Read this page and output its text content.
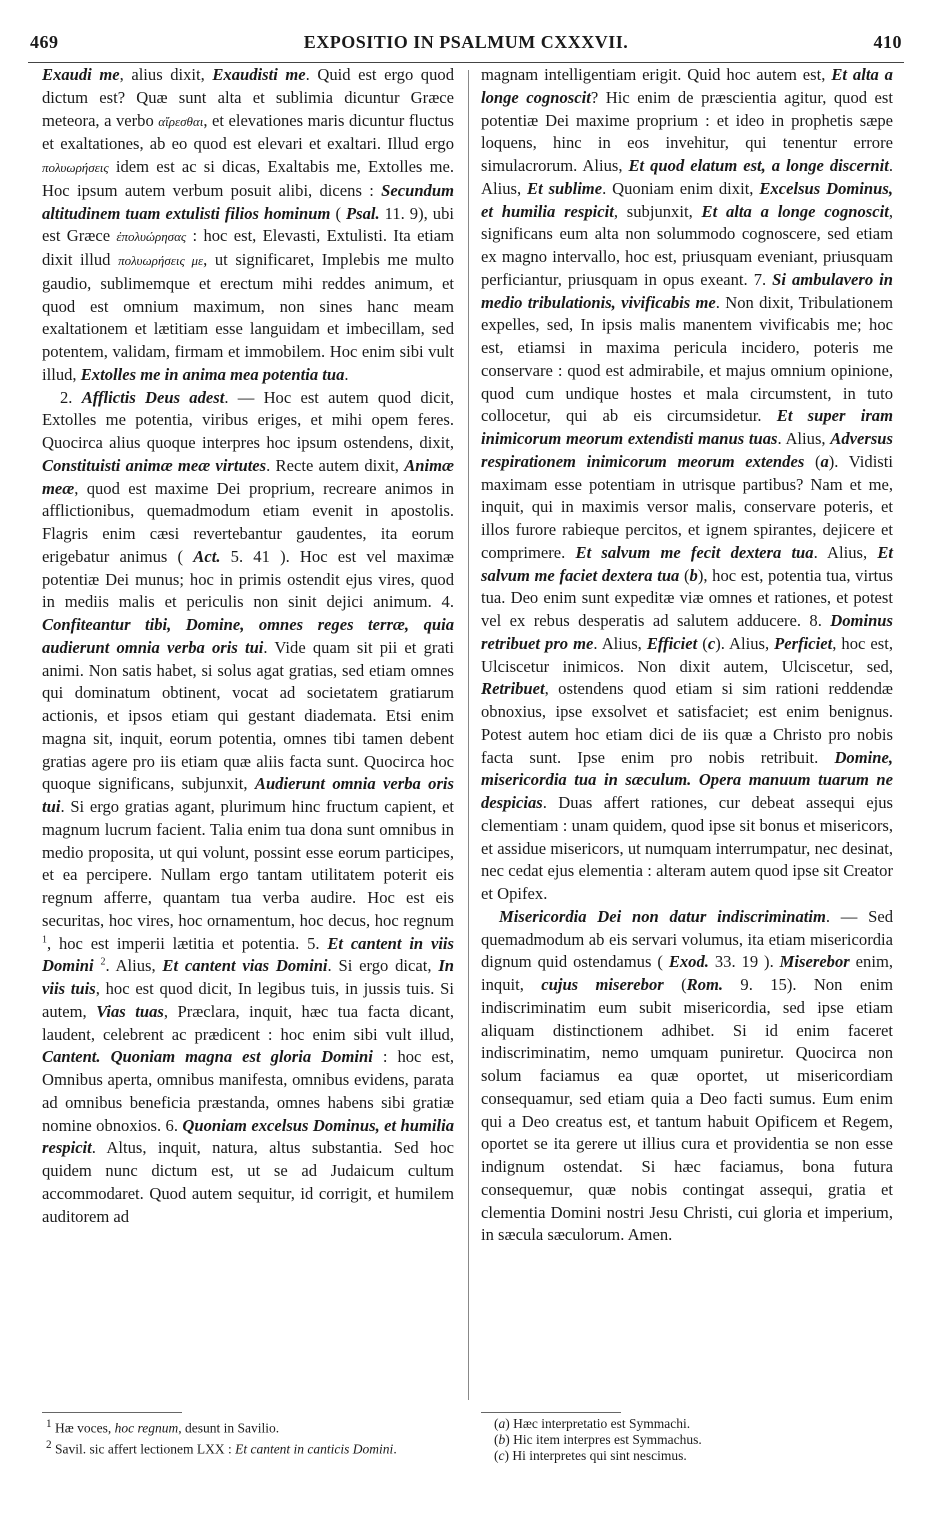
469	EXPOSITIO IN PSALMUM CXXXVII.	410

Exaudi me, alius dixit, Exaudisti me. Quid est ergo quod dictum est? Quæ sunt alta et sublimia dicuntur Græce meteora, a verbo αἴρεσθαι, et elevationes maris dicuntur fluctus et exaltationes, ab eo quod est elevari et exaltari. Illud ergo πολυωρήσεις idem est ac si dicas, Exaltabis me, Extolles me. Hoc ipsum autem verbum posuit alibi, dicens : Secundum altitudinem tuam extulisti filios hominum ( Psal. 11. 9), ubi est Græce ἐπολυώρησας : hoc est, Elevasti, Extulisti. Ita etiam dixit illud πολυωρήσεις με, ut significaret, Implebis me multo gaudio, sublimemque et erectum mihi reddes animum, et quod est omnium maximum, non sines hanc meam exaltationem et lætitiam esse languidam et imbecillam, sed potentem, validam, firmam et immobilem. Hoc enim sibi vult illud, Extolles me in anima mea potentia tua.

2. Afflictis Deus adest. — Hoc est autem quod dicit, Extolles me potentia, viribus eriges, et mihi opem feres. Quocirca alius quoque interpres hoc ipsum ostendens, dixit, Constituisti animæ meæ virtutes. Recte autem dixit, Animæ meæ, quod est maxime Dei proprium, recreare animos in afflictionibus, quemadmodum etiam evenit in apostolis. Flagris enim cæsi revertebantur gaudentes, ita eorum erigebatur animus ( Act. 5. 41 ). Hoc est vel maximæ potentiæ Dei munus; hoc in primis ostendit ejus vires, quod in mediis malis et periculis non sinit dejici animum. 4. Confiteantur tibi, Domine, omnes reges terræ, quia audierunt omnia verba oris tui. Vide quam sit pii et grati animi. Non satis habet, si solus agat gratias, sed etiam omnes qui dominatum obtinent, vocat ad societatem gratiarum actionis, et ipsos etiam qui gestant diademata. Etsi enim magna sit, inquit, eorum potentia, omnes tibi tamen debent gratias agere pro iis etiam quæ aliis facta sunt. Quocirca hoc quoque significans, subjunxit, Audierunt omnia verba oris tui. Si ergo gratias agant, plurimum hinc fructum capient, et magnum lucrum facient. Talia enim tua dona sunt omnibus in medio proposita, ut qui volunt, possint esse eorum participes, et ea percipere. Nullam ergo tantam utilitatem poterit eis regnum afferre, quantam tua verba audire. Hoc est eis securitas, hoc vires, hoc ornamentum, hoc decus, hoc regnum $^1$, hoc est imperii lætitia et potentia. 5. Et cantent in viis Domini $^2$. Alius, Et cantent vias Domini. Si ergo dicat, In viis tuis, hoc est quod dicit, In legibus tuis, in jussis tuis. Si autem, Vias tuas, Præclara, inquit, hæc tua facta dicant, laudent, celebrent ac prædicent : hoc enim sibi vult illud, Cantent. Quoniam magna est gloria Domini : hoc est, Omnibus aperta, omnibus manifesta, omnibus evidens, parata ad omnibus beneficia præstanda, omnes habens sibi gratiæ nomine obnoxios. 6. Quoniam excelsus Dominus, et humilia respicit. Altus, inquit, natura, altus substantia. Sed hoc quidem nunc dictum est, ut se ad Judaicum cultum accommodaret. Quod autem sequitur, id corrigit, et humilem auditorem ad

magnam intelligentiam erigit. Quid hoc autem est, Et alta a longe cognoscit? Hic enim de præscientia agitur, quod est potentiæ Dei maxime proprium : et ideo in prophetis sæpe loquens, hinc in eos invehitur, qui tenentur errore simulacrorum. Alius, Et quod elatum est, a longe discernit. Alius, Et sublime. Quoniam enim dixit, Excelsus Dominus, et humilia respicit, subjunxit, Et alta a longe cognoscit, significans eum alta non solummodo cognoscere, sed etiam ex magno intervallo, hoc est, priusquam eveniant, priusquam perficiantur, priusquam in opus exeant. 7. Si ambulavero in medio tribulationis, vivificabis me. Non dixit, Tribulationem expelles, sed, In ipsis malis manentem vivificabis me; hoc est, etiamsi in maxima pericula incidero, poteris me conservare : quod est admirabile, et majus omnium opinione, quod cum undique hostes et mala circumstent, in tuto collocetur, qui ab eis circumsidetur. Et super iram inimicorum meorum extendisti manus tuas. Alius, Adversus respirationem inimicorum meorum extendes (a). Vidisti maximam esse potentiam in utrisque partibus? Nam et me, inquit, qui in maximis versor malis, conservare poteris, et illos furore rabieque percitos, et ignem spirantes, dejicere et comprimere. Et salvum me fecit dextera tua. Alius, Et salvum me faciet dextera tua (b), hoc est, potentia tua, virtus tua. Deo enim sunt expeditæ viæ omnes et rationes, et potest vel ex rebus desperatis ad salutem adducere. 8. Dominus retribuet pro me. Alius, Efficiet (c). Alius, Perficiet, hoc est, Ulciscetur inimicos. Non dixit autem, Ulciscetur, sed, Retribuet, ostendens quod etiam si sim rationi reddendæ obnoxius, ipse exsolvet et satisfaciet; est enim benignus. Potest autem hoc etiam dici de iis quæ a Christo pro nobis facta sunt. Ipse enim pro nobis retribuit. Domine, misericordia tua in sæculum. Opera manuum tuarum ne despicias. Duas affert rationes, cur debeat assequi ejus clementiam : unam quidem, quod ipse sit bonus et misericors, et assidue misericors, ut numquam interrumpatur, nec desinat, nec cedat ejus elementia : alteram autem quod ipse sit Creator et Opifex.

Misericordia Dei non datur indiscriminatim. — Sed quemadmodum ab eis servari volumus, ita etiam misericordia dignum quid ostendamus ( Exod. 33. 19 ). Miserebor enim, inquit, cujus miserebor (Rom. 9. 15). Non enim indiscriminatim eum subit misericordia, sed ipse etiam aliquam distinctionem adhibet. Si id enim faceret indiscriminatim, nemo umquam puniretur. Quocirca non solum faciamus ea quæ oportet, ut misericordiam consequamur, sed etiam quia a Deo facti sumus. Eum enim qui a Deo creatus est, et tantum habuit Opificem et Regem, oportet se ita gerere ut illius cura et providentia se non esse indignum ostendat. Si hæc faciamus, bona futura consequemur, quæ nobis contingat assequi, gratia et clementia Domini nostri Jesu Christi, cui gloria et imperium, in sæcula sæculorum. Amen.

$^1$ Hæ voces, hoc regnum, desunt in Savilio.

$^2$ Savil. sic affert lectionem LXX : Et cantent in canticis Domini.

(a) Hæc interpretatio est Symmachi.

(b) Hic item interpres est Symmachus.

(c) Hi interpretes qui sint nescimus.
